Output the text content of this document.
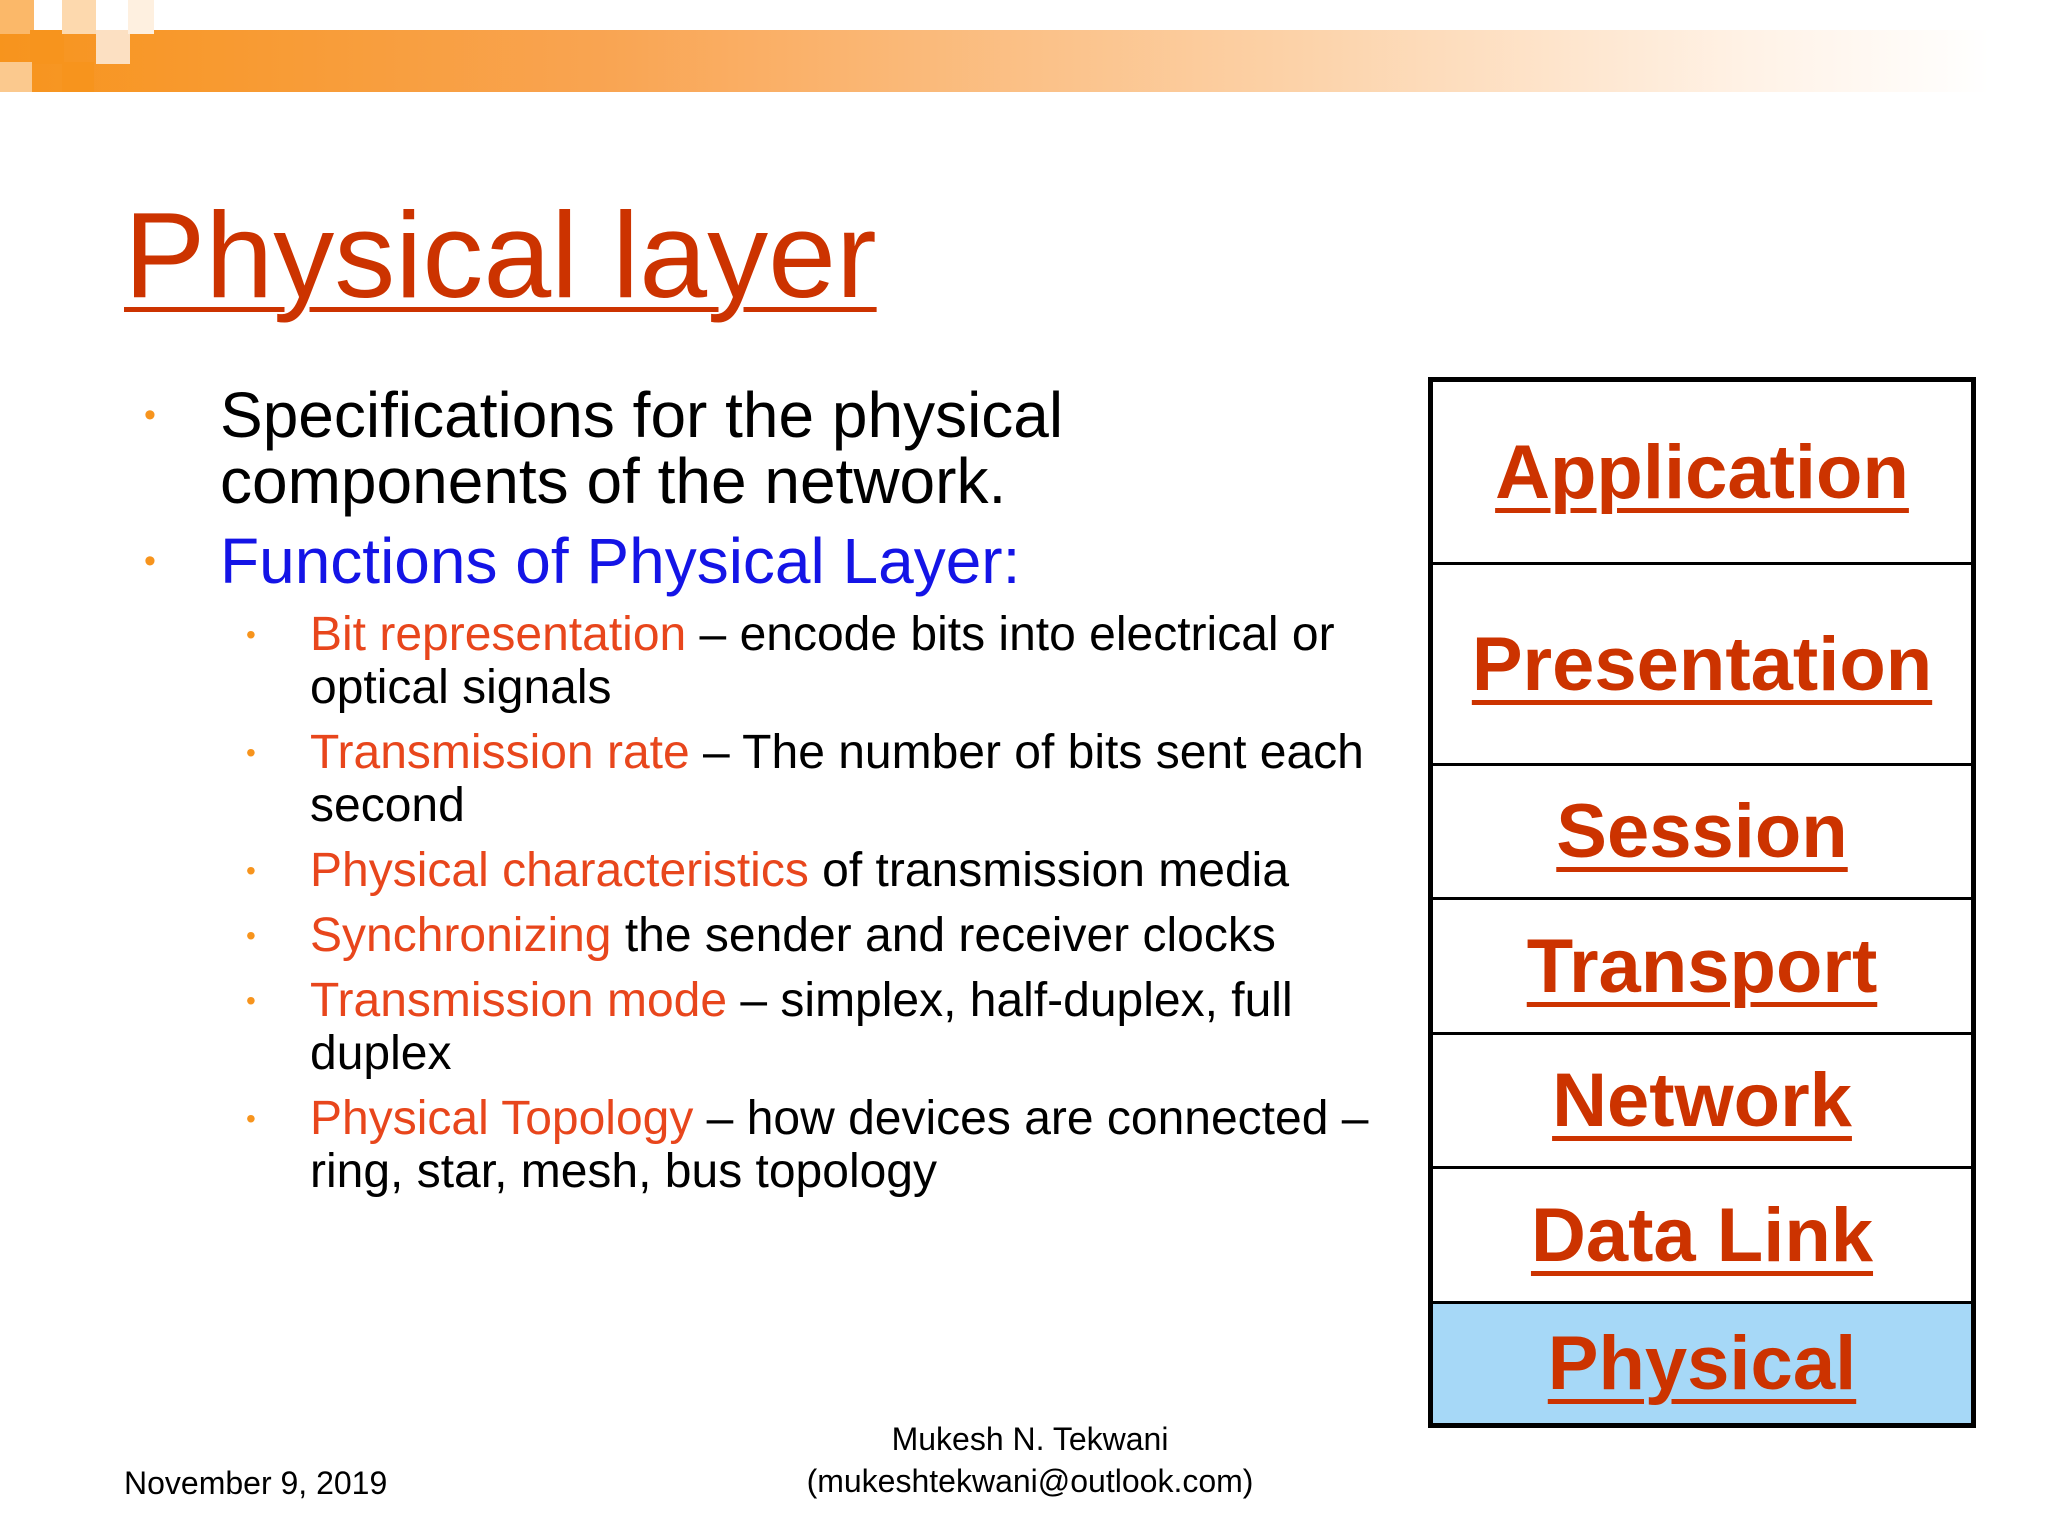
Physical layer
• Specifications for the physical components of the network.
• Functions of Physical Layer:
• Bit representation – encode bits into electrical or optical signals
• Transmission rate – The number of bits sent each second
• Physical characteristics of transmission media
• Synchronizing the sender and receiver clocks
• Transmission mode – simplex, half-duplex, full duplex
• Physical Topology – how devices are connected – ring, star, mesh, bus topology
Application
Presentation
Session
Transport
Network
Data Link
Physical
November 9, 2019
Mukesh N. Tekwani
(mukeshtekwani@outlook.com)
